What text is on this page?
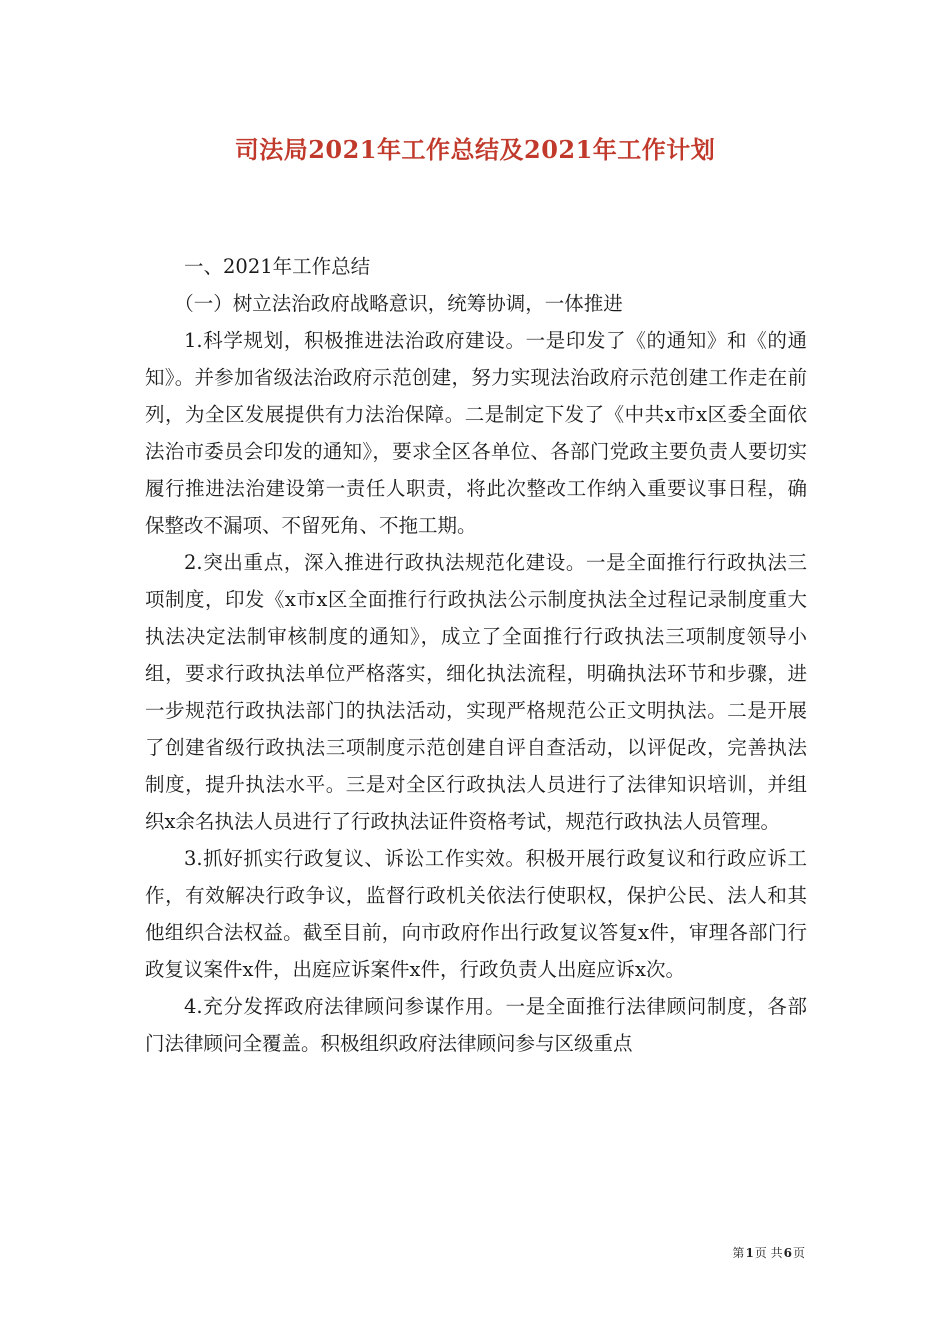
司法局2021年工作总结及2021年工作计划

一、2021年工作总结

（一）树立法治政府战略意识，统筹协调，一体推进

1.科学规划，积极推进法治政府建设。一是印发了《的通知》和《的通知》。并参加省级法治政府示范创建，努力实现法治政府示范创建工作走在前列，为全区发展提供有力法治保障。二是制定下发了《中共x市x区委全面依法治市委员会印发的通知》，要求全区各单位、各部门党政主要负责人要切实履行推进法治建设第一责任人职责，将此次整改工作纳入重要议事日程，确保整改不漏项、不留死角、不拖工期。

2.突出重点，深入推进行政执法规范化建设。一是全面推行行政执法三项制度，印发《x市x区全面推行行政执法公示制度执法全过程记录制度重大执法决定法制审核制度的通知》，成立了全面推行行政执法三项制度领导小组，要求行政执法单位严格落实，细化执法流程，明确执法环节和步骤，进一步规范行政执法部门的执法活动，实现严格规范公正文明执法。二是开展了创建省级行政执法三项制度示范创建自评自查活动，以评促改，完善执法制度，提升执法水平。三是对全区行政执法人员进行了法律知识培训，并组织x余名执法人员进行了行政执法证件资格考试，规范行政执法人员管理。

3.抓好抓实行政复议、诉讼工作实效。积极开展行政复议和行政应诉工作，有效解决行政争议，监督行政机关依法行使职权，保护公民、法人和其他组织合法权益。截至目前，向市政府作出行政复议答复x件，审理各部门行政复议案件x件，出庭应诉案件x件，行政负责人出庭应诉x次。

4.充分发挥政府法律顾问参谋作用。一是全面推行法律顾问制度，各部门法律顾问全覆盖。积极组织政府法律顾问参与区级重点

第1页 共6页
